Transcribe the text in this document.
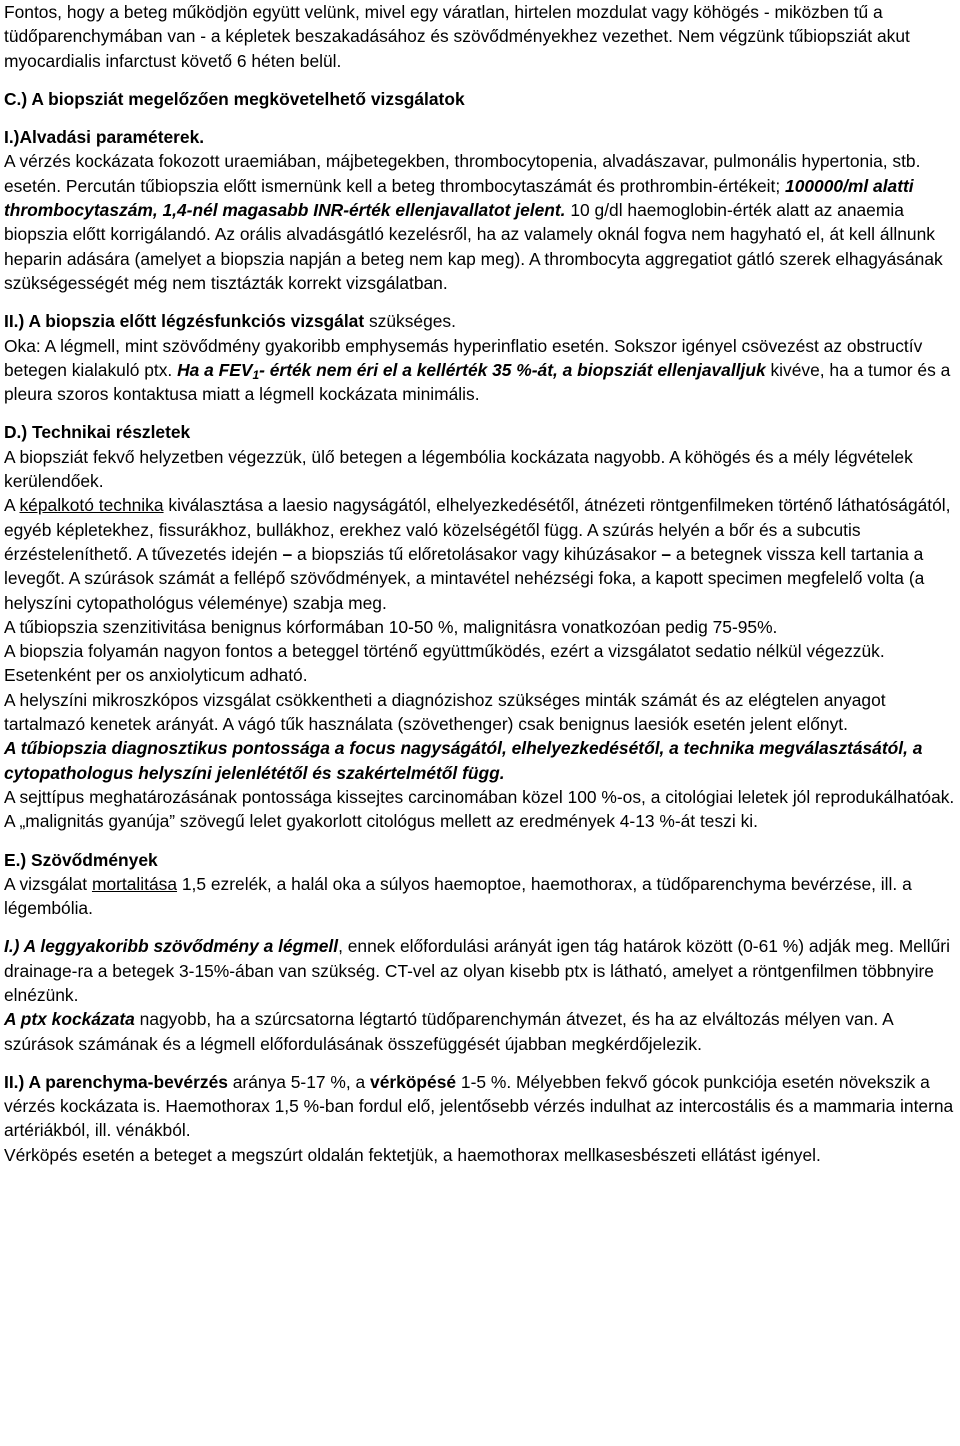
Fontos, hogy a beteg működjön együtt velünk, mivel egy váratlan, hirtelen mozdulat vagy köhögés - miközben tű a tüdőparenchymában van - a képletek beszakadásához és szövődményekhez vezethet. Nem végzünk tűbiopsziát akut myocardialis infarctust követő 6 héten belül.

C.) A biopsziát megelőzően megkövetelhető vizsgálatok

I.)Alvadási paraméterek.

A vérzés kockázata fokozott uraemiában, májbetegekben, thrombocytopenia, alvadászavar, pulmonális hypertonia, stb. esetén. Percután tűbiopszia előtt ismernünk kell a beteg thrombocytaszámát és prothrombin-értékeit; 100000/ml alatti thrombocytaszám, 1,4-nél magasabb INR-érték ellenjavallatot jelent. 10 g/dl haemoglobin-érték alatt az anaemia biopszia előtt korrigálandó. Az orális alvadásgátló kezelésről, ha az valamely oknál fogva nem hagyható el, át kell állnunk heparin adására (amelyet a biopszia napján a beteg nem kap meg). A thrombocyta aggregatiot gátló szerek elhagyásának szükségességét még nem tisztázták korrekt vizsgálatban.

II.) A biopszia előtt légzésfunkciós vizsgálat szükséges.

Oka: A légmell, mint szövődmény gyakoribb emphysemás hyperinflatio esetén. Sokszor igényel csövezést az obstructív betegen kialakuló ptx. Ha a $FEV_1-$ érték nem éri el a kellérték 35 %-át, a biopsziát ellenjavalljuk kivéve, ha a tumor és a pleura szoros kontaktusa miatt a légmell kockázata minimális.

D.) Technikai részletek

A biopsziát fekvő helyzetben végezzük, ülő betegen a légembólia kockázata nagyobb. A köhögés és a mély légvételek kerülendőek.

A képalkotó technika kiválasztása a laesio nagyságától, elhelyezkedésétől, átnézeti röntgenfilmeken történő láthatóságától, egyéb képletekhez, fissurákhoz, bullákhoz, erekhez való közelségétől függ. A szúrás helyén a bőr és a subcutis érzésteleníthető. A tűvezetés idején – a biopsziás tű előretolásakor vagy kihúzásakor – a betegnek vissza kell tartania a levegőt. A szúrások számát a fellépő szövődmények, a mintavétel nehézségi foka, a kapott specimen megfelelő volta (a helyszíni cytopathológus véleménye) szabja meg.

A tűbiopszia szenzitivitása benignus kórformában 10-50 %, malignitásra vonatkozóan pedig 75-95%.

A biopszia folyamán nagyon fontos a beteggel történő együttműködés, ezért a vizsgálatot sedatio nélkül végezzük. Esetenként per os anxiolyticum adható.

A helyszíni mikroszkópos vizsgálat csökkentheti a diagnózishoz szükséges minták számát és az elégtelen anyagot tartalmazó kenetek arányát. A vágó tűk használata (szövethenger) csak benignus laesiók esetén jelent előnyt.

A tűbiopszia diagnosztikus pontossága a focus nagyságától, elhelyezkedésétől, a technika megválasztásától, a cytopathologus helyszíni jelenlététől és szakértelmétől függ.

A sejttípus meghatározásának pontossága kissejtes carcinomában közel 100 %-os, a citológiai leletek jól reprodukálhatóak. A „malignitás gyanúja” szövegű lelet gyakorlott citológus mellett az eredmények 4-13 %-át teszi ki.

E.) Szövődmények

A vizsgálat mortalitása 1,5 ezrelék, a halál oka a súlyos haemoptoe, haemothorax, a tüdőparenchyma bevérzése, ill. a légembólia.

I.) A leggyakoribb szövődmény a légmell, ennek előfordulási arányát igen tág határok között (0-61 %) adják meg. Mellűri drainage-ra a betegek 3-15%-ában van szükség. CT-vel az olyan kisebb ptx is látható, amelyet a röntgenfilmen többnyire elnézünk.

A ptx kockázata nagyobb, ha a szúrcsatorna légtartó tüdőparenchymán átvezet, és ha az elváltozás mélyen van. A szúrások számának és a légmell előfordulásának összefüggését újabban megkérdőjelezik.

II.) A parenchyma-bevérzés aránya 5-17 %, a vérköpésé 1-5 %. Mélyebben fekvő gócok punkciója esetén növekszik a vérzés kockázata is. Haemothorax 1,5 %-ban fordul elő, jelentősebb vérzés indulhat az intercostális és a mammaria interna artériákból, ill. vénákból.

Vérköpés esetén a beteget a megszúrt oldalán fektetjük, a haemothorax mellkasesbészeti ellátást igényel.
